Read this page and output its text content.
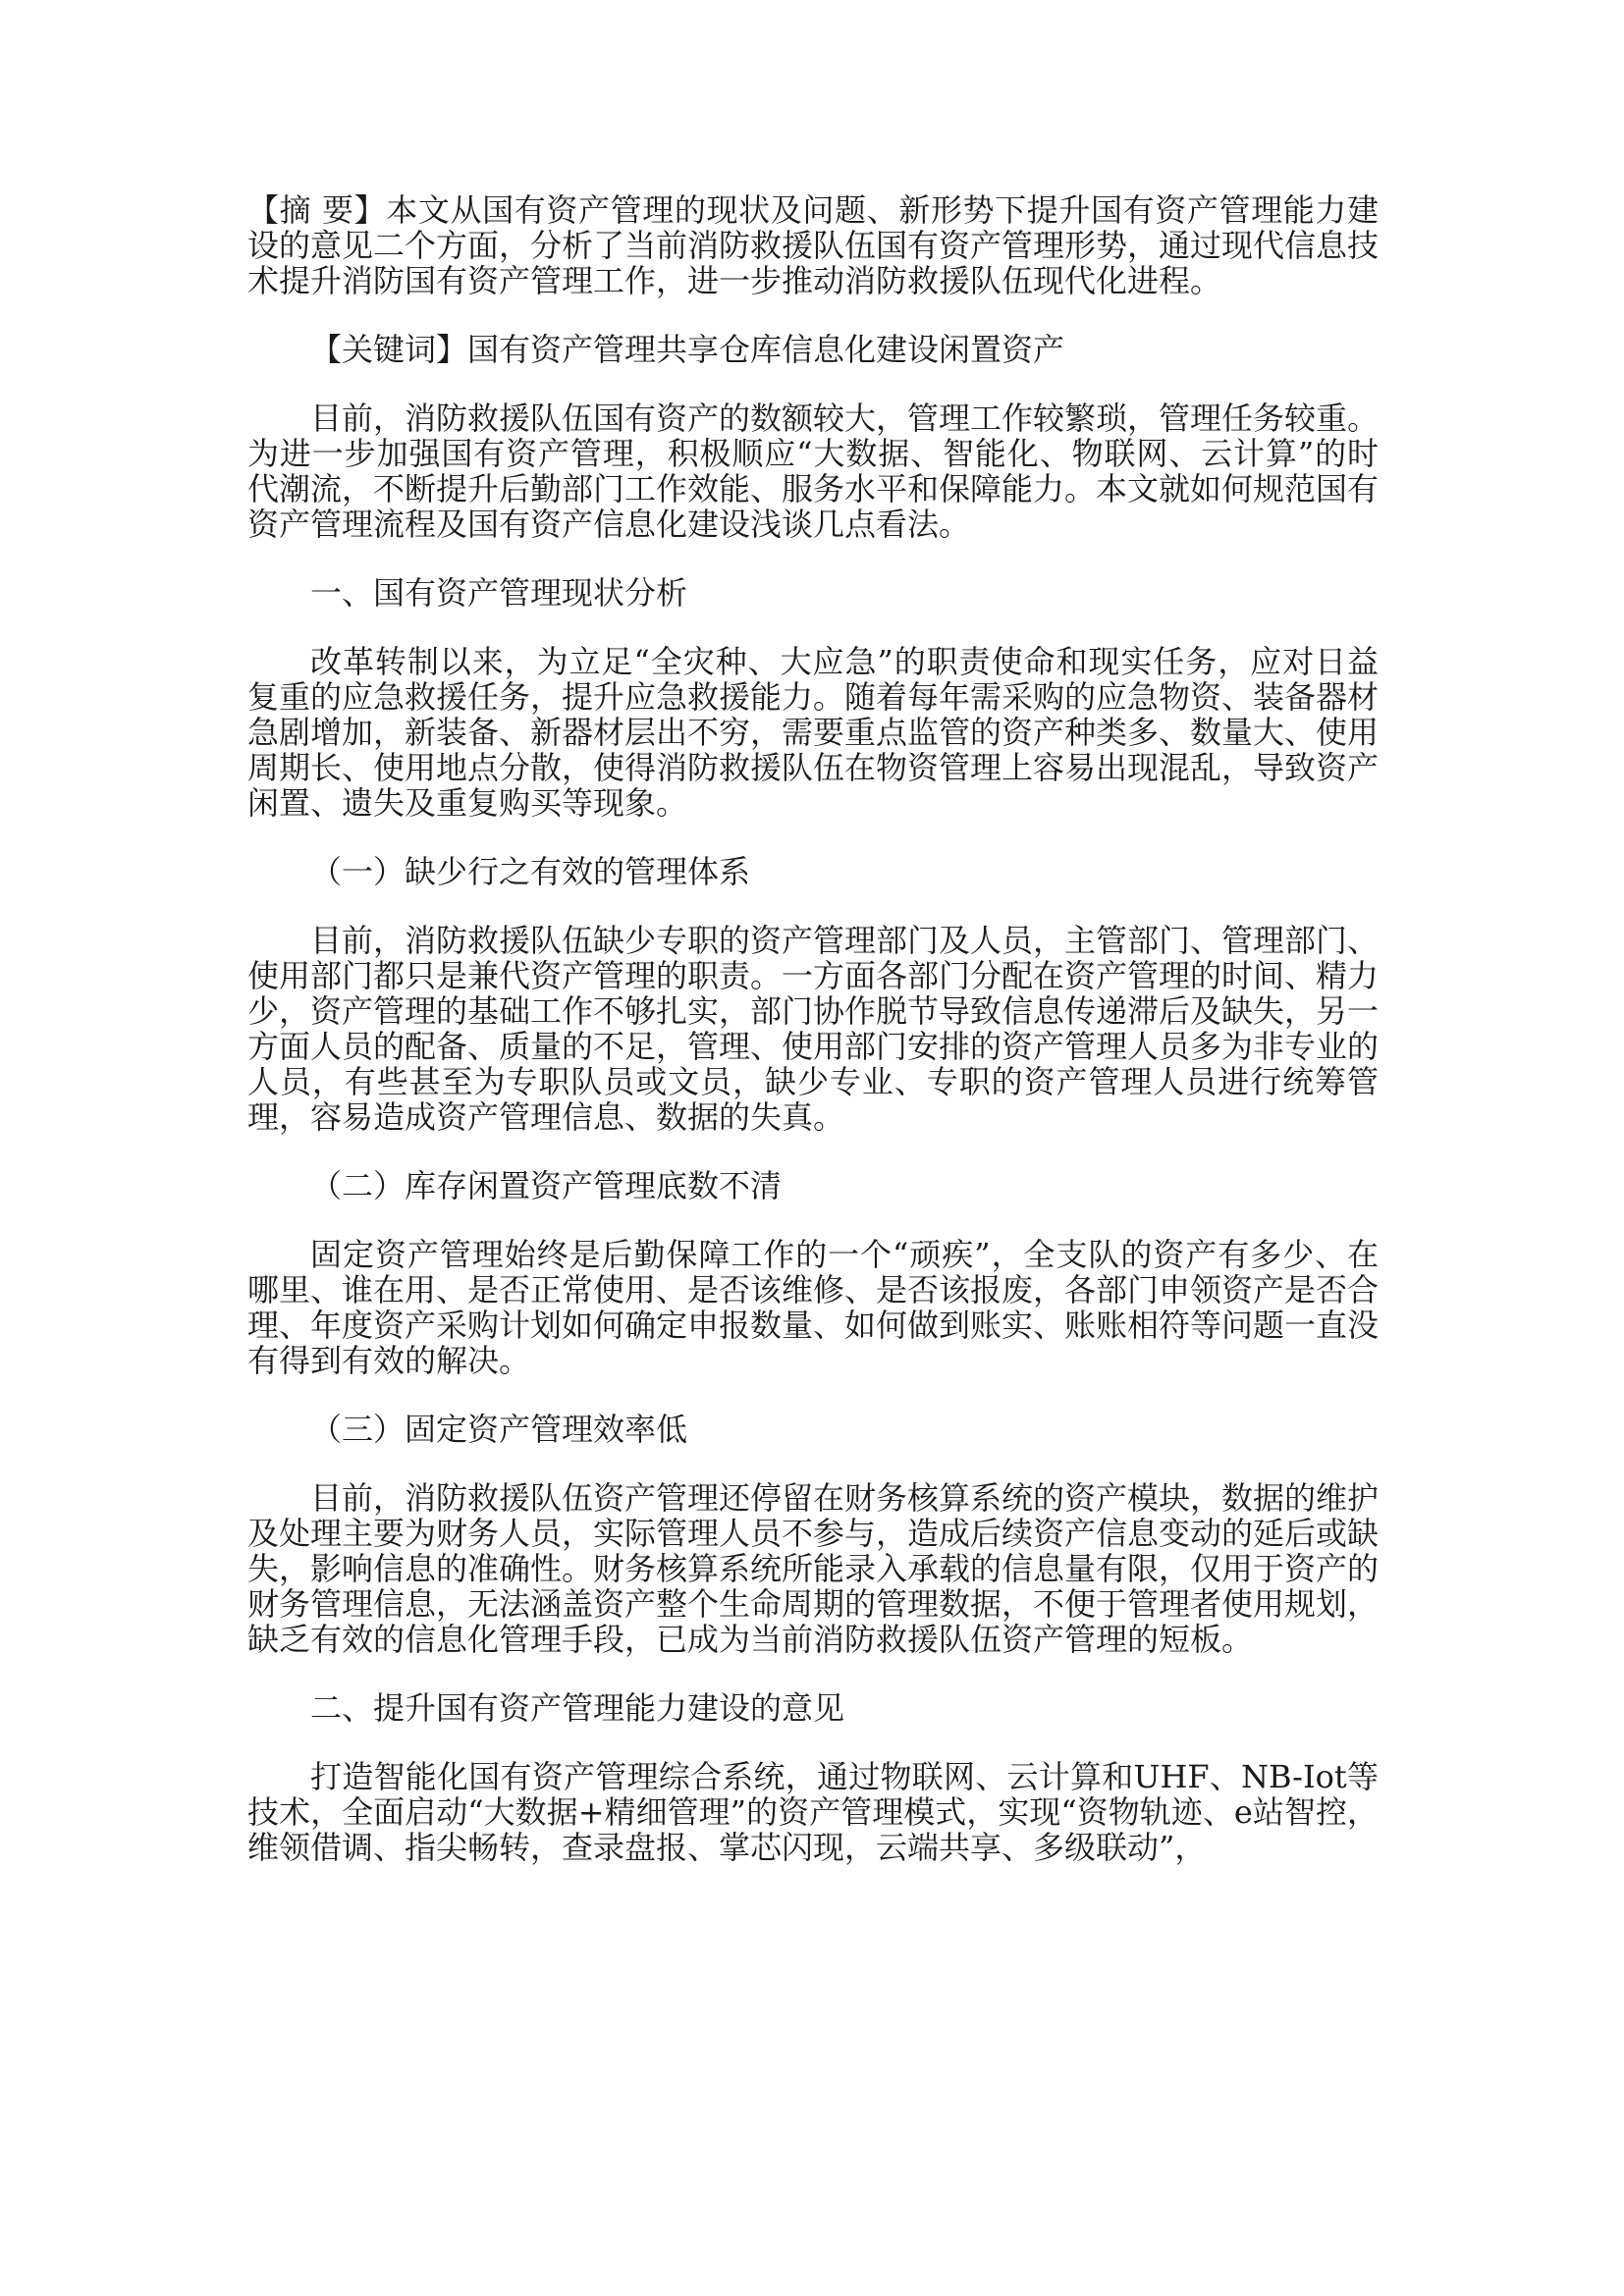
【摘 要】本文从国有资产管理的现状及问题、新形势下提升国有资产管理能力建设的意见二个方面，分析了当前消防救援队伍国有资产管理形势，通过现代信息技术提升消防国有资产管理工作，进一步推动消防救援队伍现代化进程。

【关键词】国有资产管理共享仓库信息化建设闲置资产

目前，消防救援队伍国有资产的数额较大，管理工作较繁琐，管理任务较重。为进一步加强国有资产管理，积极顺应“大数据、智能化、物联网、云计算”的时代潮流，不断提升后勤部门工作效能、服务水平和保障能力。本文就如何规范国有资产管理流程及国有资产信息化建设浅谈几点看法。

一、国有资产管理现状分析

改革转制以来，为立足“全灾种、大应急”的职责使命和现实任务，应对日益复重的应急救援任务，提升应急救援能力。随着每年需采购的应急物资、装备器材急剧增加，新装备、新器材层出不穷，需要重点监管的资产种类多、数量大、使用周期长、使用地点分散，使得消防救援队伍在物资管理上容易出现混乱，导致资产闲置、遗失及重复购买等现象。

（一）缺少行之有效的管理体系

目前，消防救援队伍缺少专职的资产管理部门及人员，主管部门、管理部门、使用部门都只是兼代资产管理的职责。一方面各部门分配在资产管理的时间、精力少，资产管理的基础工作不够扎实，部门协作脱节导致信息传递滞后及缺失，另一方面人员的配备、质量的不足，管理、使用部门安排的资产管理人员多为非专业的人员，有些甚至为专职队员或文员，缺少专业、专职的资产管理人员进行统筹管理，容易造成资产管理信息、数据的失真。

（二）库存闲置资产管理底数不清

固定资产管理始终是后勤保障工作的一个“顽疾”，全支队的资产有多少、在哪里、谁在用、是否正常使用、是否该维修、是否该报废，各部门申领资产是否合理、年度资产采购计划如何确定申报数量、如何做到账实、账账相符等问题一直没有得到有效的解决。

（三）固定资产管理效率低

目前，消防救援队伍资产管理还停留在财务核算系统的资产模块，数据的维护及处理主要为财务人员，实际管理人员不参与，造成后续资产信息变动的延后或缺失，影响信息的准确性。财务核算系统所能录入承载的信息量有限，仅用于资产的财务管理信息，无法涵盖资产整个生命周期的管理数据，不便于管理者使用规划，缺乏有效的信息化管理手段，已成为当前消防救援队伍资产管理的短板。

二、提升国有资产管理能力建设的意见

打造智能化国有资产管理综合系统，通过物联网、云计算和UHF、NB-Iot等技术，全面启动“大数据+精细管理”的资产管理模式，实现“资物轨迹、e站智控，维领借调、指尖畅转，查录盘报、掌芯闪现，云端共享、多级联动”，
